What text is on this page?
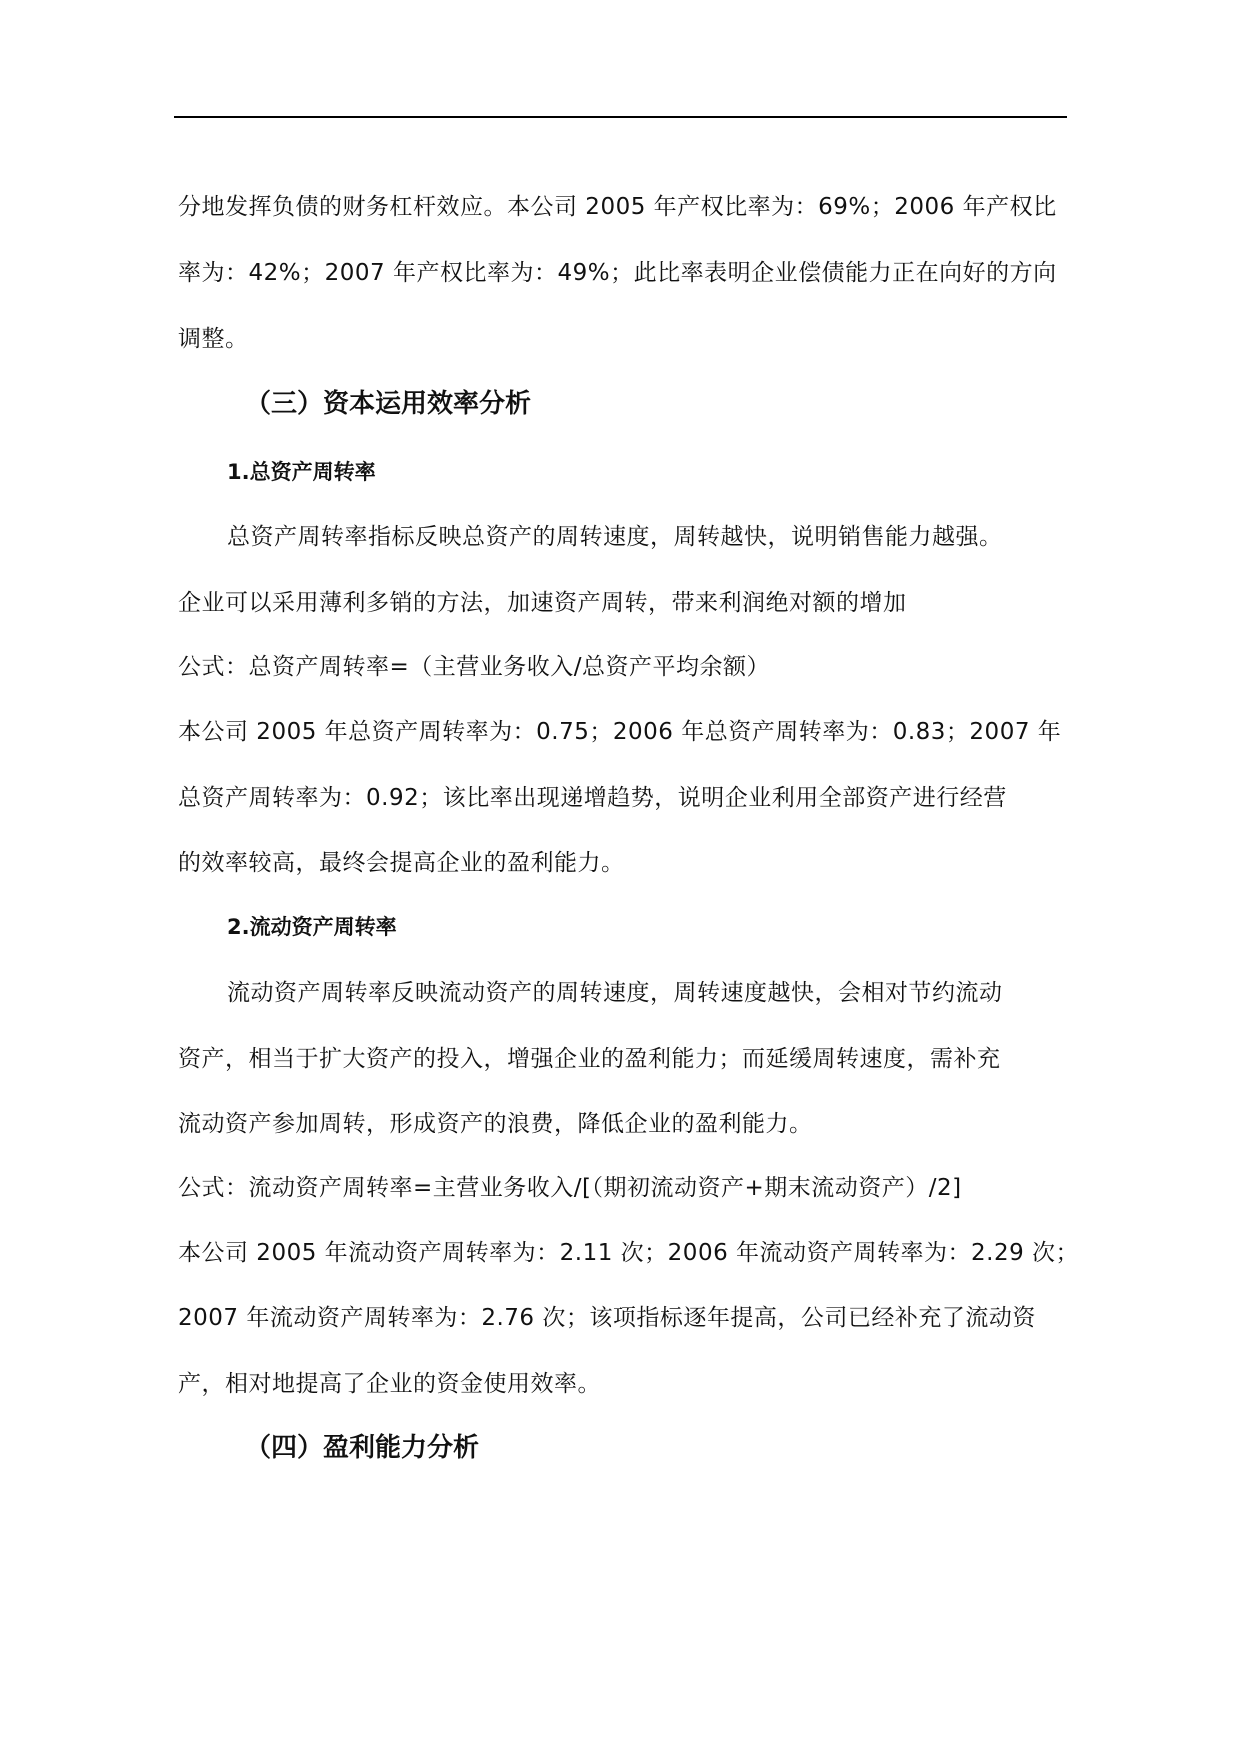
分地发挥负债的财务杠杆效应。本公司 2005 年产权比率为：69%；2006 年产权比
率为：42%；2007 年产权比率为：49%；此比率表明企业偿债能力正在向好的方向
调整。
（三）资本运用效率分析
1.总资产周转率
总资产周转率指标反映总资产的周转速度，周转越快，说明销售能力越强。
企业可以采用薄利多销的方法，加速资产周转，带来利润绝对额的增加
公式：总资产周转率=（主营业务收入/总资产平均余额）
本公司 2005 年总资产周转率为：0.75；2006 年总资产周转率为：0.83；2007 年
总资产周转率为：0.92；该比率出现递增趋势，说明企业利用全部资产进行经营
的效率较高，最终会提高企业的盈利能力。
2.流动资产周转率
流动资产周转率反映流动资产的周转速度，周转速度越快，会相对节约流动
资产，相当于扩大资产的投入，增强企业的盈利能力；而延缓周转速度，需补充
流动资产参加周转，形成资产的浪费，降低企业的盈利能力。
公式：流动资产周转率=主营业务收入/[（期初流动资产+期末流动资产）/2]
本公司 2005 年流动资产周转率为：2.11 次；2006 年流动资产周转率为：2.29 次；
2007 年流动资产周转率为：2.76 次；该项指标逐年提高，公司已经补充了流动资
产，相对地提高了企业的资金使用效率。
（四）盈利能力分析
